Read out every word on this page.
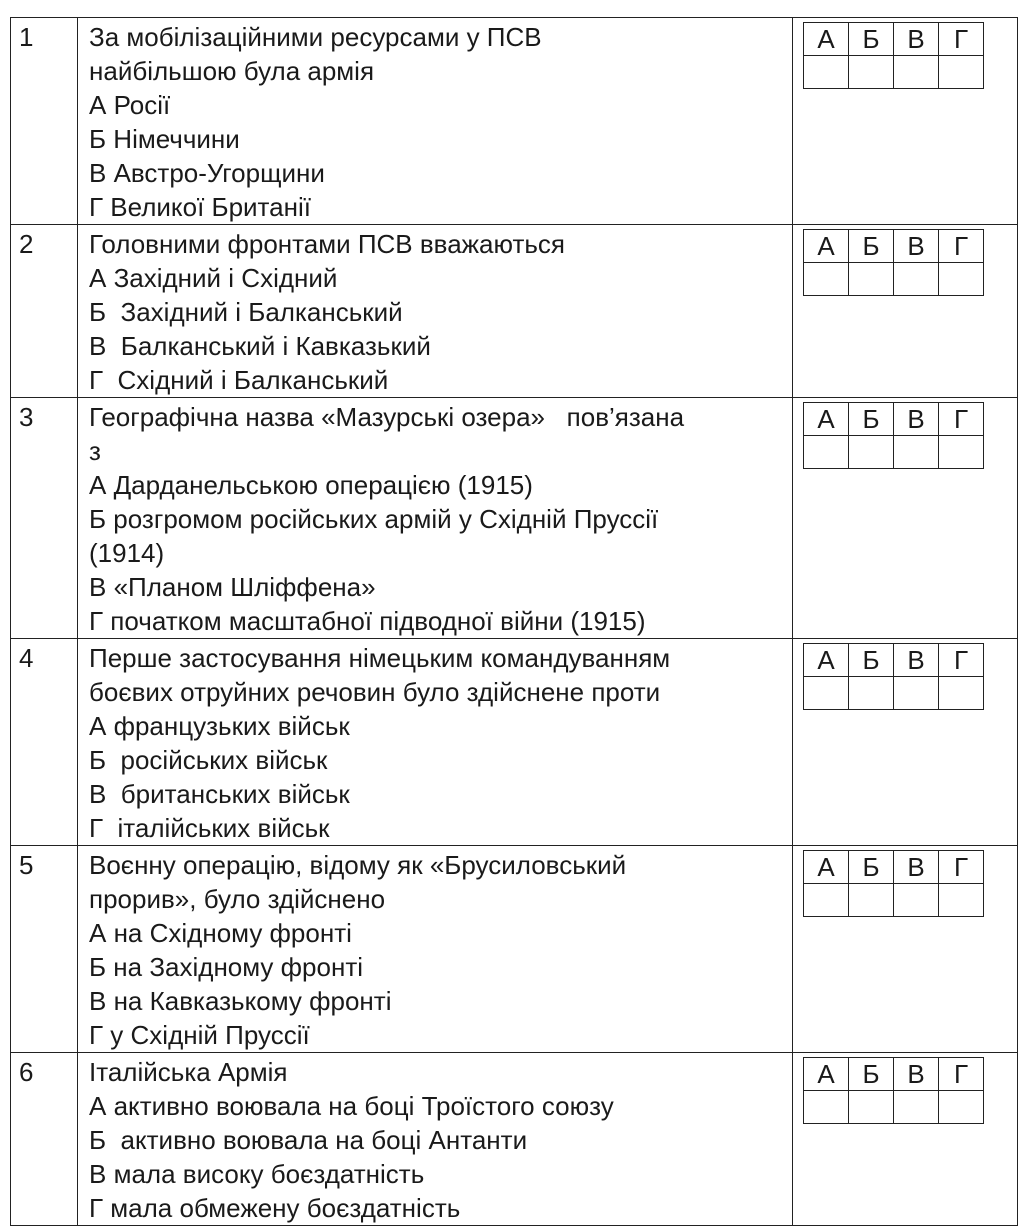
1	За мобілізаційними ресурсами у ПСВ
найбільшою була армія
А Росії
Б Німеччини
В Австро-Угорщини
Г Великої Британії

А	Б	В	Г

2	Головними фронтами ПСВ вважаються
А Західний і Східний
Б  Західний і Балканський
В  Балканський і Кавказький
Г  Східний і Балканський

А	Б	В	Г

3	Географічна назва «Мазурські озера»   пов’язана
з
А Дарданельською операцією (1915)
Б розгромом російських армій у Східній Пруссії
(1914)
В «Планом Шліффена»
Г початком масштабної підводної війни (1915)

А	Б	В	Г

4	Перше застосування німецьким командуванням
боєвих отруйних речовин було здійснене проти
А французьких військ
Б  російських військ
В  британських військ
Г  італійських військ

А	Б	В	Г

5	Воєнну операцію, відому як «Брусиловський
прорив», було здійснено
А на Східному фронті
Б на Західному фронті
В на Кавказькому фронті
Г у Східній Пруссії

А	Б	В	Г

6	Італійська Армія
А активно воювала на боці Троїстого союзу
Б  активно воювала на боці Антанти
В мала високу боєздатність
Г мала обмежену боєздатність

А	Б	В	Г
